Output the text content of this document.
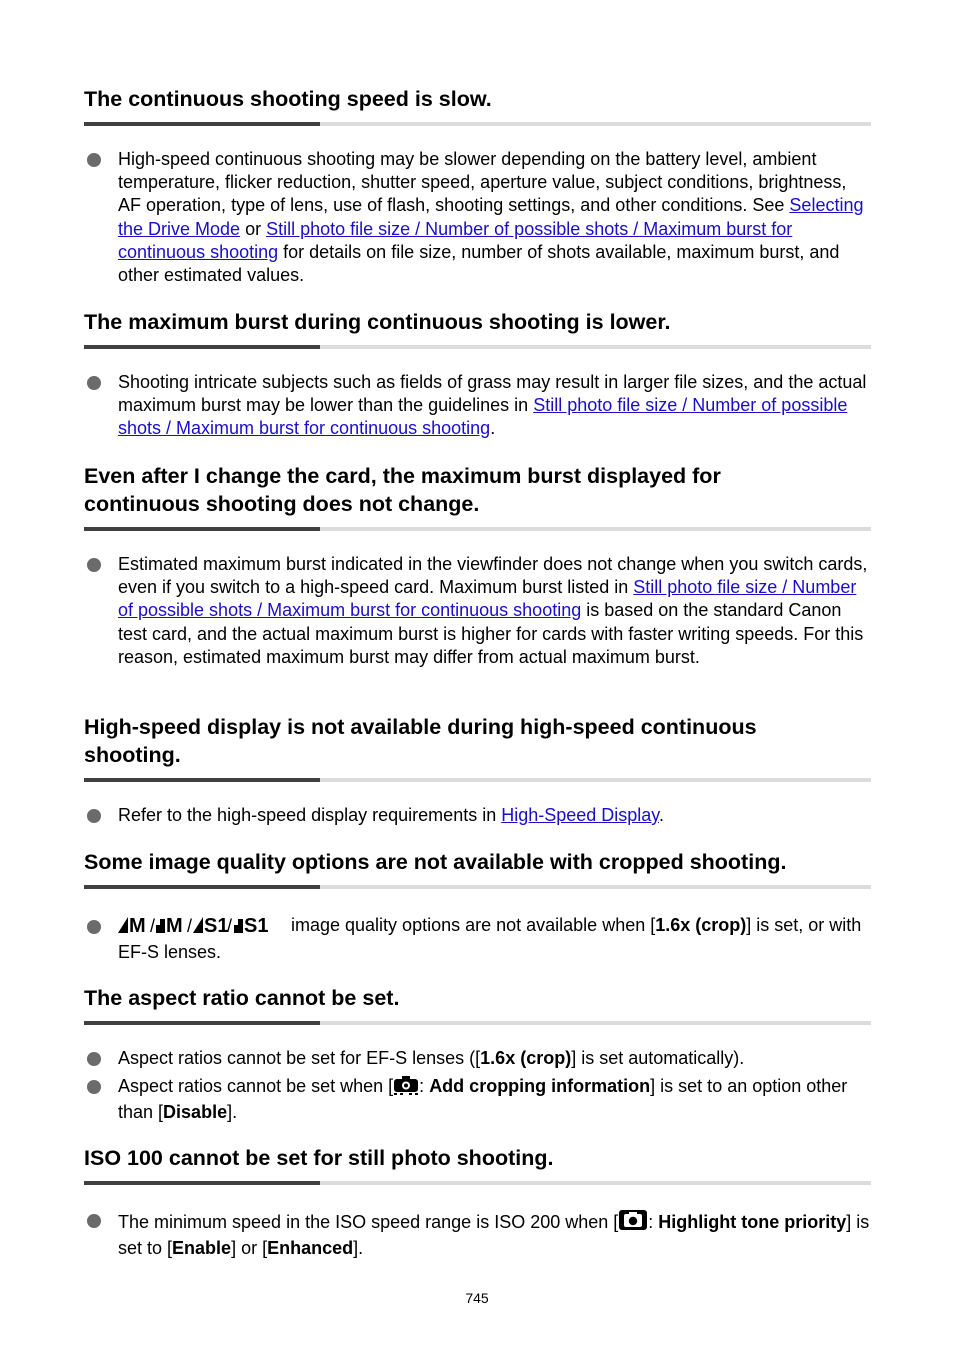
The continuous shooting speed is slow.
High-speed continuous shooting may be slower depending on the battery level, ambient temperature, flicker reduction, shutter speed, aperture value, subject conditions, brightness, AF operation, type of lens, use of flash, shooting settings, and other conditions. See Selecting the Drive Mode or Still photo file size / Number of possible shots / Maximum burst for continuous shooting for details on file size, number of shots available, maximum burst, and other estimated values.
The maximum burst during continuous shooting is lower.
Shooting intricate subjects such as fields of grass may result in larger file sizes, and the actual maximum burst may be lower than the guidelines in Still photo file size / Number of possible shots / Maximum burst for continuous shooting.
Even after I change the card, the maximum burst displayed for continuous shooting does not change.
Estimated maximum burst indicated in the viewfinder does not change when you switch cards, even if you switch to a high-speed card. Maximum burst listed in Still photo file size / Number of possible shots / Maximum burst for continuous shooting is based on the standard Canon test card, and the actual maximum burst is higher for cards with faster writing speeds. For this reason, estimated maximum burst may differ from actual maximum burst.
High-speed display is not available during high-speed continuous shooting.
Refer to the high-speed display requirements in High-Speed Display.
Some image quality options are not available with cropped shooting.
M / M / S1
/ S1 image quality options are not available when [1.6x (crop)] is set, or with EF-S lenses.
The aspect ratio cannot be set.
Aspect ratios cannot be set for EF-S lenses ([1.6x (crop)] is set automatically).
Aspect ratios cannot be set when [ : Add cropping information] is set to an option other than [Disable].
ISO 100 cannot be set for still photo shooting.
The minimum speed in the ISO speed range is ISO 200 when [ : Highlight tone priority] is set to [Enable] or [Enhanced].
745
